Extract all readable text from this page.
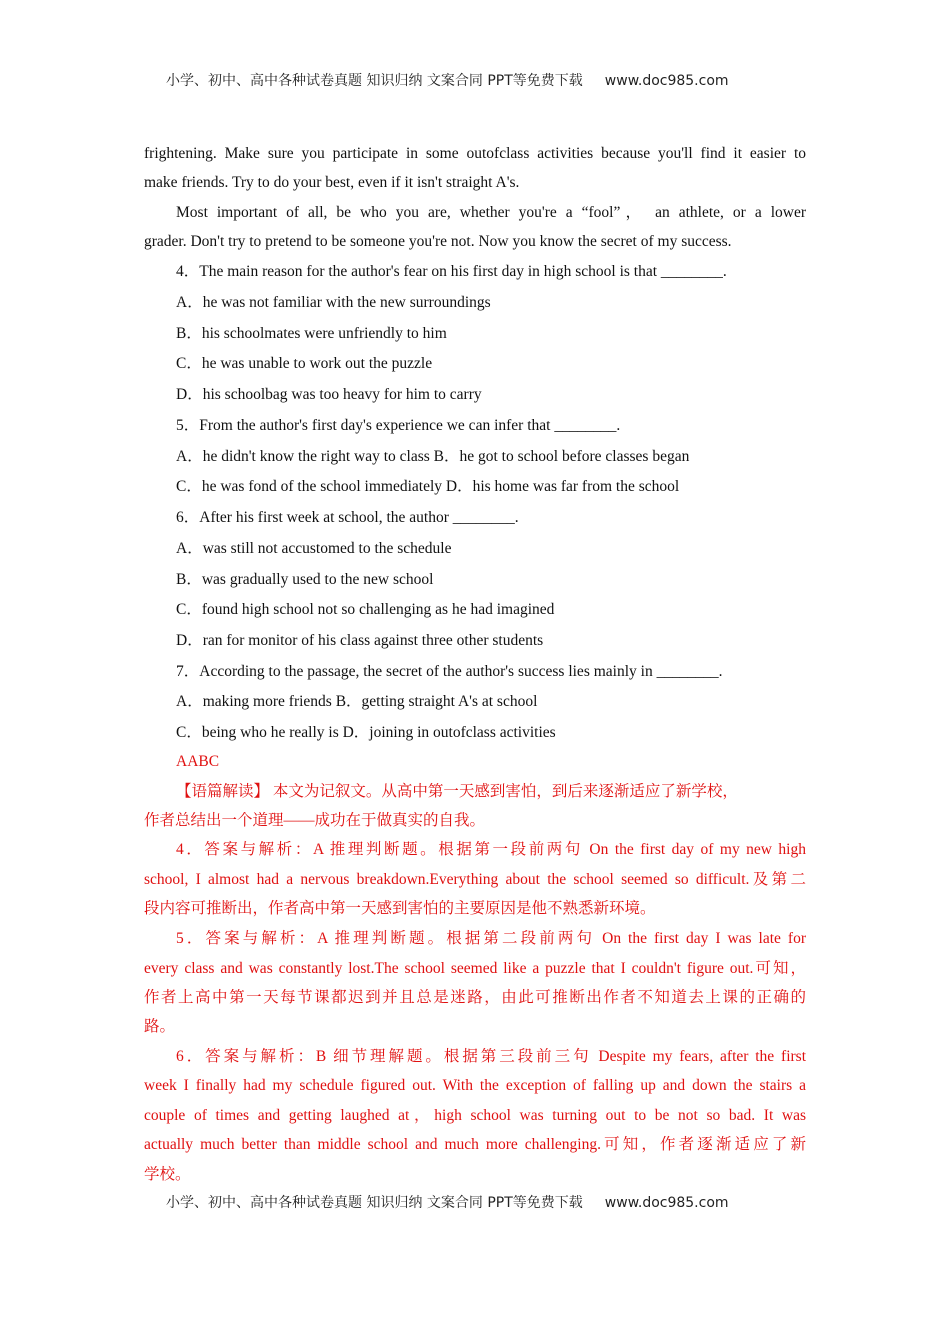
小学、初中、高中各种试卷真题 知识归纳 文案合同 PPT等免费下载 www.doc985.com
frightening. Make sure you participate in some outofclass activities because you'll find it easier to
make friends. Try to do your best, even if it isn't straight A's.
Most important of all, be who you are, whether you're a “fool”， an athlete, or a lower
grader. Don't try to pretend to be someone you're not. Now you know the secret of my success.
4．The main reason for the author's fear on his first day in high school is that ________.
A．he was not familiar with the new surroundings
B．his schoolmates were unfriendly to him
C．he was unable to work out the puzzle
D．his schoolbag was too heavy for him to carry
5．From the author's first day's experience we can infer that ________.
A．he didn't know the right way to class B．he got to school before classes began
C．he was fond of the school immediately D．his home was far from the school
6．After his first week at school, the author ________.
A．was still not accustomed to the schedule
B．was gradually used to the new school
C．found high school not so challenging as he had imagined
D．ran for monitor of his class against three other students
7．According to the passage, the secret of the author's success lies mainly in ________.
A．making more friends B．getting straight A's at school
C．being who he really is D．joining in outofclass activities
AABC
【语篇解读】 本文为记叙文。从高中第一天感到害怕，到后来逐渐适应了新学校，
作者总结出一个道理——成功在于做真实的自我。
4．答案与解析：A 推理判断题。根据第一段前两句 On the first day of my new high
school, I almost had a nervous breakdown.Everything about the school seemed so difficult.及第二
段内容可推断出，作者高中第一天感到害怕的主要原因是他不熟悉新环境。
5．答案与解析：A 推理判断题。根据第二段前两句 On the first day I was late for
every class and was constantly lost.The school seemed like a puzzle that I couldn't figure out.可知，
作者上高中第一天每节课都迟到并且总是迷路，由此可推断出作者不知道去上课的正确的
路。
6．答案与解析：B 细节理解题。根据第三段前三句 Despite my fears, after the first
week I finally had my schedule figured out. With the exception of falling up and down the stairs a
couple of times and getting laughed at，high school was turning out to be not so bad. It was
actually much better than middle school and much more challenging.可知，作者逐渐适应了新
学校。
小学、初中、高中各种试卷真题 知识归纳 文案合同 PPT等免费下载 www.doc985.com
